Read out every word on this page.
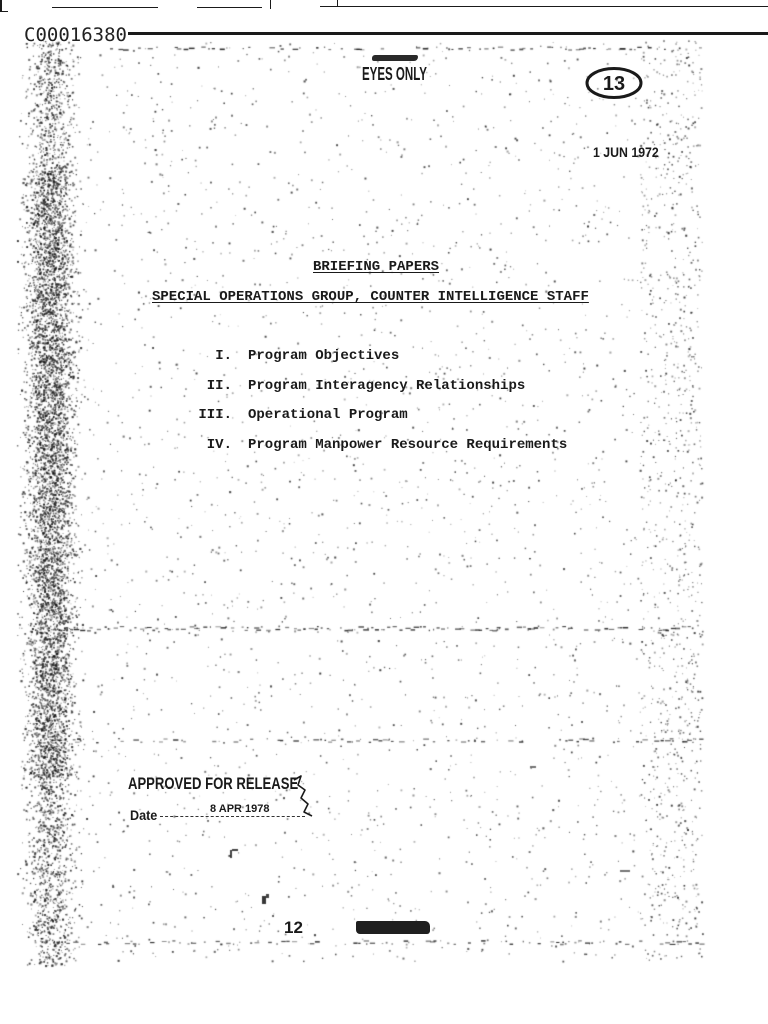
C00016380
EYES ONLY	13
1 JUN 1972
BRIEFING PAPERS
SPECIAL OPERATIONS GROUP, COUNTER INTELLIGENCE STAFF
I. Program Objectives
II. Program Interagency Relationships
III. Operational Program
IV. Program Manpower Resource Requirements
APPROVED FOR RELEASE
Date	8 APR 1978
12
